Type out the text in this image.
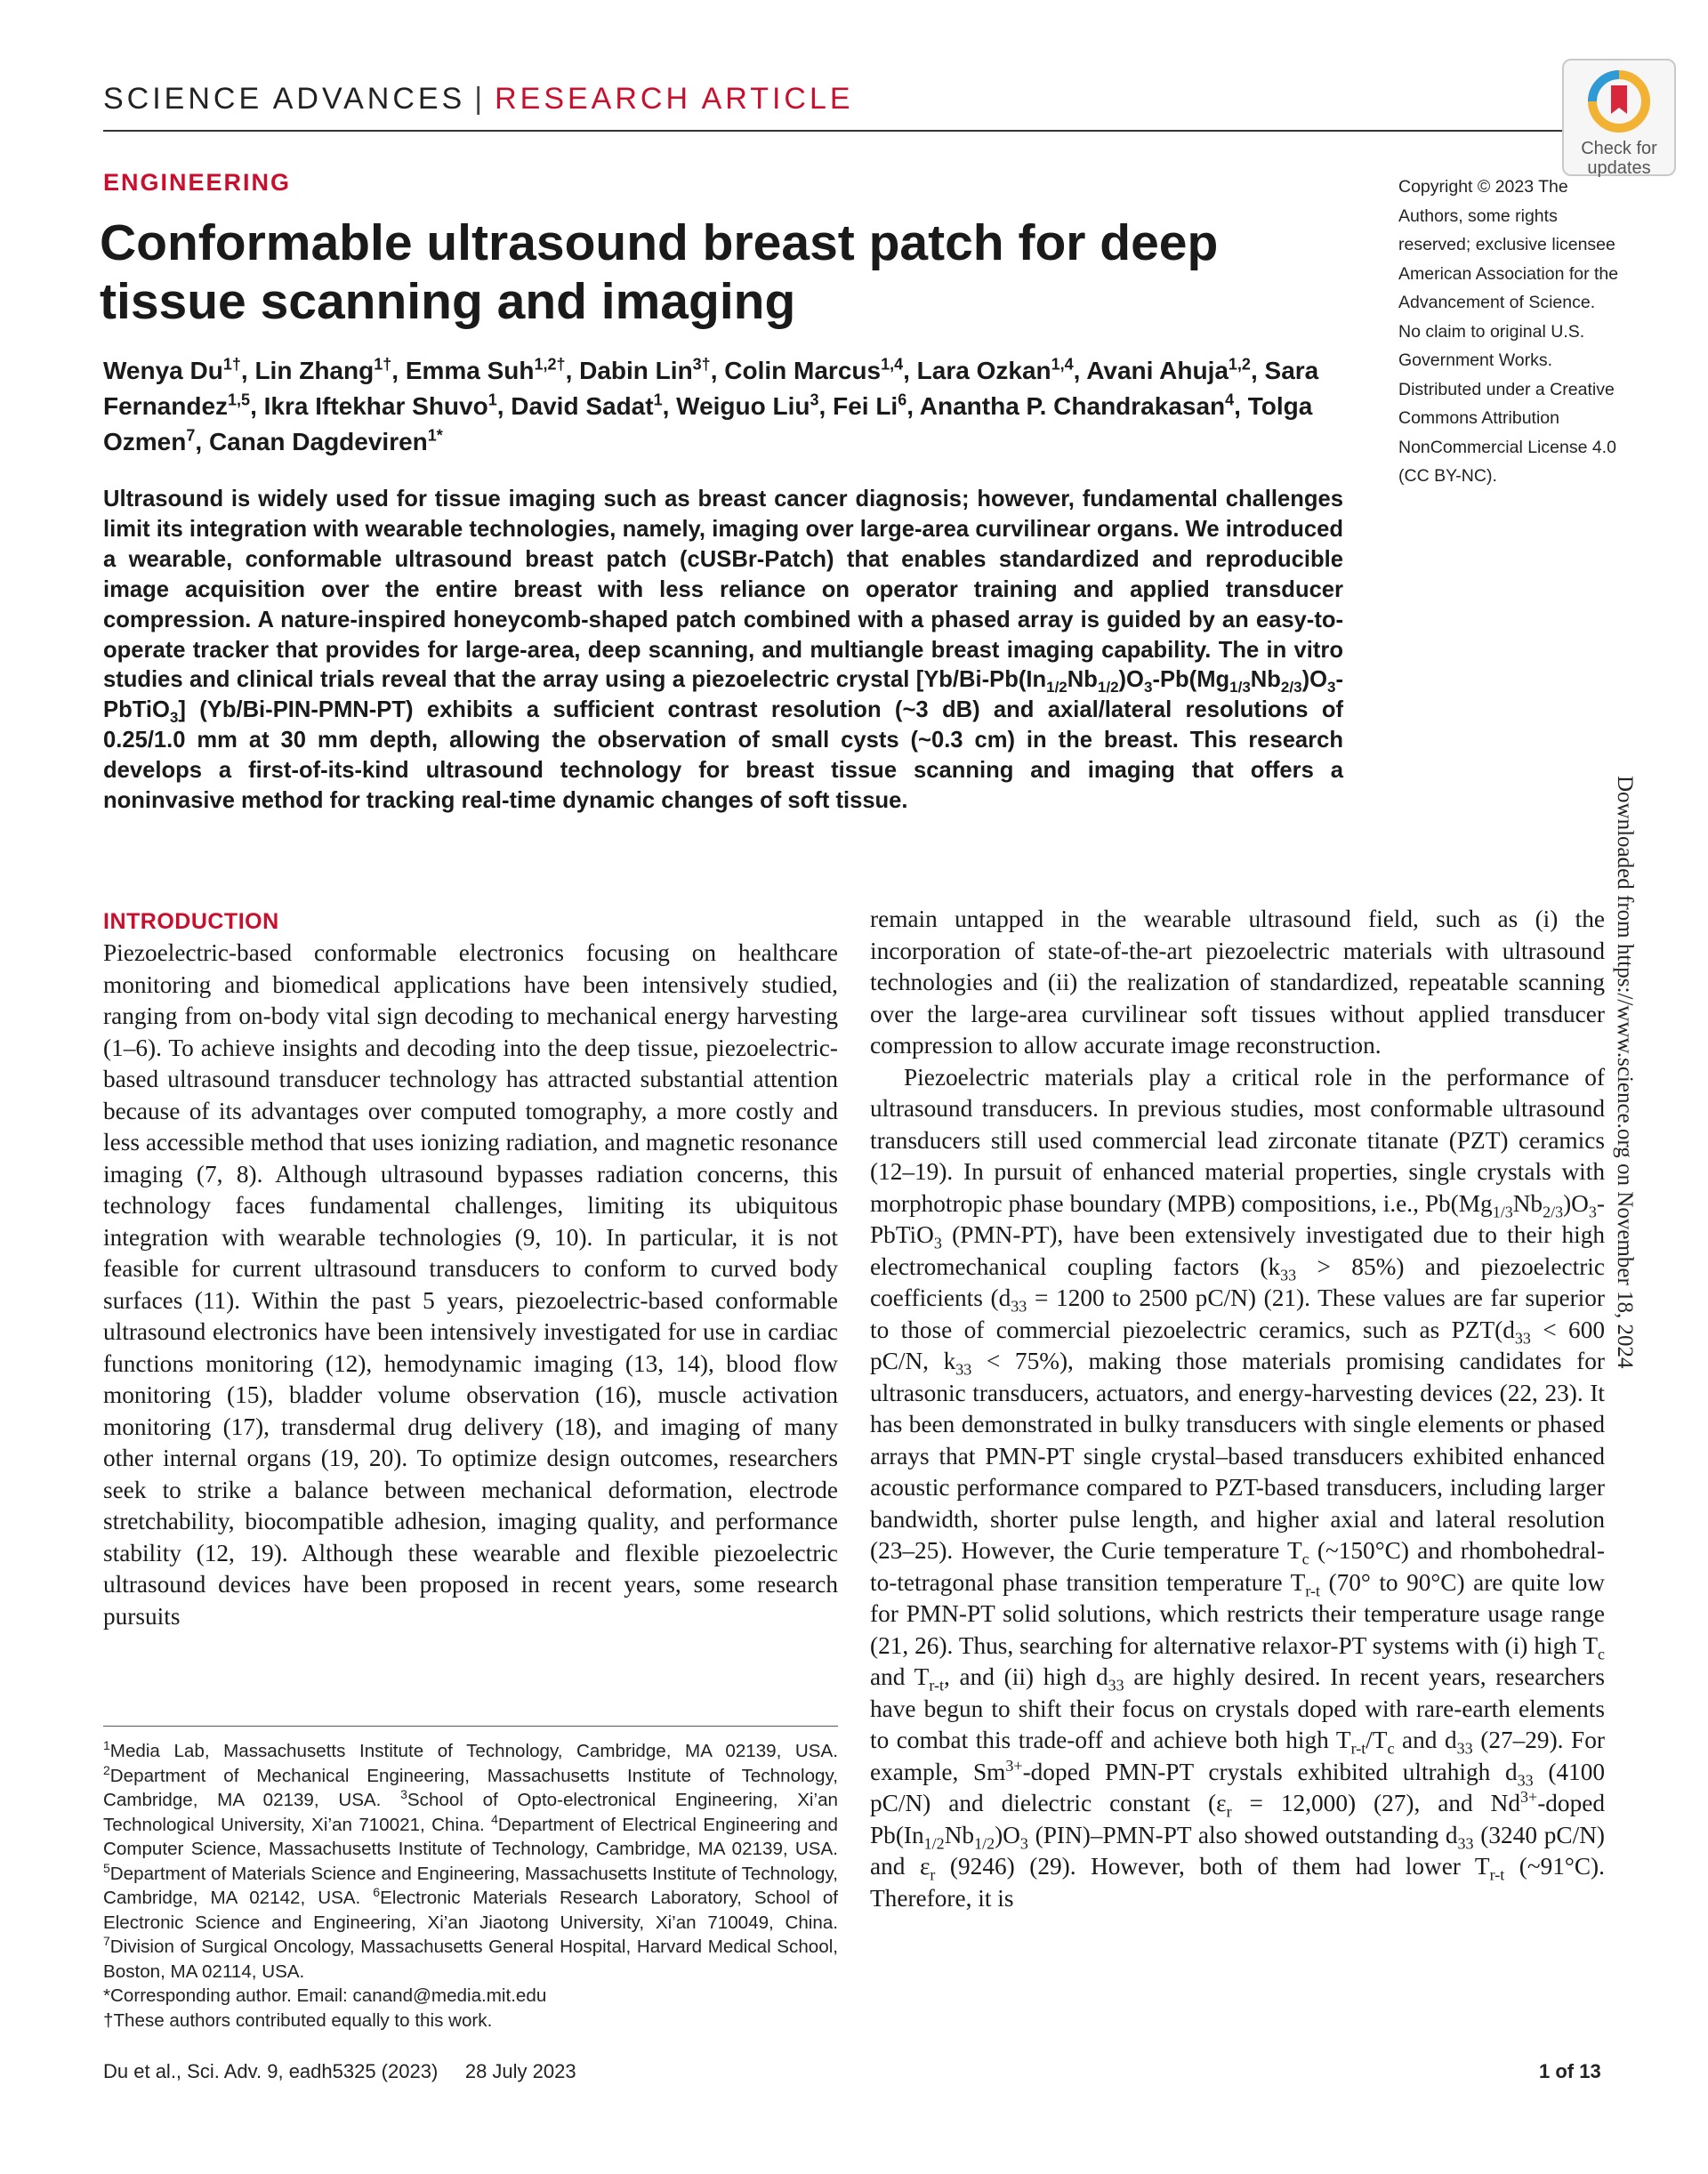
SCIENCE ADVANCES | RESEARCH ARTICLE
Check for
updates
ENGINEERING
Conformable ultrasound breast patch for deep tissue scanning and imaging
Wenya $Du^{1\dagger}$, Lin Zhang$^{1\dagger}$, Emma Suh$^{1,2\dagger}$, Dabin Lin$^{3\dagger}$, Colin Marcus$^{1,4}$, Lara Ozkan$^{1,4}$, Avani Ahuja$^{1,2}$, Sara Fernandez$^{1,5}$, Ikra Iftekhar Shuvo$^1$, David Sadat$^1$, Weiguo Liu$^3$, Fei Li$^6$, Anantha P. Chandrakasan$^4$, Tolga Ozmen$^7$, Canan Dagdeviren$^{1*}$
Ultrasound is widely used for tissue imaging such as breast cancer diagnosis; however, fundamental challenges limit its integration with wearable technologies, namely, imaging over large-area curvilinear organs. We introduced a wearable, conformable ultrasound breast patch (cUSBr-Patch) that enables standardized and reproducible image acquisition over the entire breast with less reliance on operator training and applied transducer compression. A nature-inspired honeycomb-shaped patch combined with a phased array is guided by an easy-to-operate tracker that provides for large-area, deep scanning, and multiangle breast imaging capability. The in vitro studies and clinical trials reveal that the array using a piezoelectric crystal $[Yb/Bi-Pb(In_{1/2}Nb_{1/2})O_3-Pb(Mg_{1/3}Nb_{2/3})O_3-PbTiO_3]$ (Yb/Bi-PIN-PMN-PT) exhibits a sufficient contrast resolution (~3 dB) and axial/lateral resolutions of 0.25/1.0 mm at 30 mm depth, allowing the observation of small cysts (~0.3 cm) in the breast. This research develops a first-of-its-kind ultrasound technology for breast tissue scanning and imaging that offers a noninvasive method for tracking real-time dynamic changes of soft tissue.
Copyright © 2023 The Authors, some rights reserved; exclusive licensee American Association for the Advancement of Science. No claim to original U.S. Government Works. Distributed under a Creative Commons Attribution NonCommercial License 4.0 (CC BY-NC).
Downloaded from https://www.science.org on November 18, 2024
INTRODUCTION

Piezoelectric-based conformable electronics focusing on healthcare monitoring and biomedical applications have been intensively studied, ranging from on-body vital sign decoding to mechanical energy harvesting (1–6). To achieve insights and decoding into the deep tissue, piezoelectric-based ultrasound transducer technology has attracted substantial attention because of its advantages over computed tomography, a more costly and less accessible method that uses ionizing radiation, and magnetic resonance imaging (7, 8). Although ultrasound bypasses radiation concerns, this technology faces fundamental challenges, limiting its ubiquitous integration with wearable technologies (9, 10). In particular, it is not feasible for current ultrasound transducers to conform to curved body surfaces (11). Within the past 5 years, piezoelectric-based conformable ultrasound electronics have been intensively investigated for use in cardiac functions monitoring (12), hemodynamic imaging (13, 14), blood flow monitoring (15), bladder volume observation (16), muscle activation monitoring (17), transdermal drug delivery (18), and imaging of many other internal organs (19, 20). To optimize design outcomes, researchers seek to strike a balance between mechanical deformation, electrode stretchability, biocompatible adhesion, imaging quality, and performance stability (12, 19). Although these wearable and flexible piezoelectric ultrasound devices have been proposed in recent years, some research pursuits

$^1$Media Lab, Massachusetts Institute of Technology, Cambridge, MA 02139, USA. $^2$Department of Mechanical Engineering, Massachusetts Institute of Technology, Cambridge, MA 02139, USA. $^3$School of Opto-electronical Engineering, Xi’an Technological University, Xi’an 710021, China. $^4$Department of Electrical Engineering and Computer Science, Massachusetts Institute of Technology, Cambridge, MA 02139, USA. $^5$Department of Materials Science and Engineering, Massachusetts Institute of Technology, Cambridge, MA 02142, USA. $^6$Electronic Materials Research Laboratory, School of Electronic Science and Engineering, Xi’an Jiaotong University, Xi’an 710049, China. $^7$Division of Surgical Oncology, Massachusetts General Hospital, Harvard Medical School, Boston, MA 02114, USA.

*Corresponding author. Email: canand@media.mit.edu

†These authors contributed equally to this work.

remain untapped in the wearable ultrasound field, such as (i) the incorporation of state-of-the-art piezoelectric materials with ultrasound technologies and (ii) the realization of standardized, repeatable scanning over the large-area curvilinear soft tissues without applied transducer compression to allow accurate image reconstruction.

Piezoelectric materials play a critical role in the performance of ultrasound transducers. In previous studies, most conformable ultrasound transducers still used commercial lead zirconate titanate (PZT) ceramics (12–19). In pursuit of enhanced material properties, single crystals with morphotropic phase boundary (MPB) compositions, i.e., $Pb(Mg_{1/3}Nb_{2/3})O_3-PbTiO_3$ (PMN-PT), have been extensively investigated due to their high electromechanical coupling factors $(k_{33} > 85\%)$ and piezoelectric coefficients ($d_{33} = 1200$ to 2500 pC/N) (21). These values are far superior to those of commercial piezoelectric ceramics, such as $PZT(d_{33} < 600$ pC/N, $k_{33} < 75\%$), making those materials promising candidates for ultrasonic transducers, actuators, and energy-harvesting devices (22, 23). It has been demonstrated in bulky transducers with single elements or phased arrays that PMN-PT single crystal–based transducers exhibited enhanced acoustic performance compared to PZT-based transducers, including larger bandwidth, shorter pulse length, and higher axial and lateral resolution (23–25). However, the Curie temperature $T_c$ (~150°C) and rhombohedral-to-tetragonal phase transition temperature $T_{r-t}$ (70° to 90°C) are quite low for PMN-PT solid solutions, which restricts their temperature usage range (21, 26). Thus, searching for alternative relaxor-PT systems with (i) high $T_c$ and $T_{r-t}$, and (ii) high $d_{33}$ are highly desired. In recent years, researchers have begun to shift their focus on crystals doped with rare-earth elements to combat this trade-off and achieve both high $T_{r-t}/T_c$ and $d_{33}$ (27–29). For example, $Sm^{3+}$-doped PMN-PT crystals exhibited ultrahigh $d_{33}$ (4100 pC/N) and dielectric constant $(\varepsilon_r = 12,000)$ (27), and $Nd^{3+}$-doped $Pb(In_{1/2}Nb_{1/2})O_3$ (PIN)–PMN-PT also showed outstanding $d_{33}$ (3240 pC/N) and $\varepsilon_r$ (9246) (29). However, both of them had lower $T_{r-t}$ (~91°C). Therefore, it is

Du et al., Sci. Adv. 9, eadh5325 (2023)     28 July 2023	1 of 13
